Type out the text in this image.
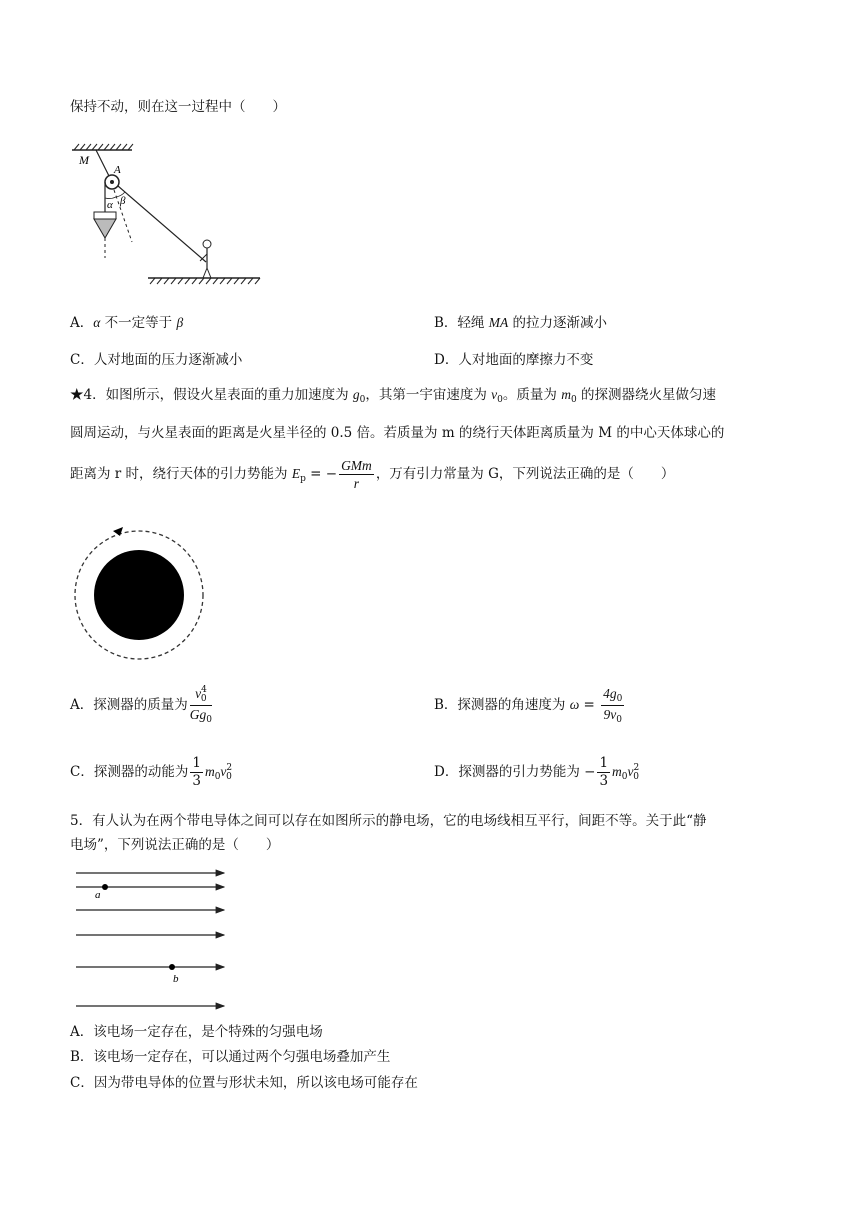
保持不动，则在这一过程中（　　）
M
A
α β
A．α 不一定等于 β	B．轻绳 MA 的拉力逐渐减小
C．人对地面的压力逐渐减小	D．人对地面的摩擦力不变
★4．如图所示，假设火星表面的重力加速度为 $g_0$，其第一宇宙速度为 $v_0$。质量为 $m_0$ 的探测器绕火星做匀速
圆周运动，与火星表面的距离是火星半径的 0.5 倍。若质量为 m 的绕行天体距离质量为 M 的中心天体球心的
距离为 r 时，绕行天体的引力势能为 $E_p$ = − $\frac{\text{GMm}}{r}$ ，万有引力常量为 G，下列说法正确的是（　　）
A．探测器的质量为 $\frac{v^4_0}{Gg_0}$	B．探测器的角速度为 $\omega = \frac{4g_0}{9v_0}$
C．探测器的动能为 $\frac{1}{3} m_0v^2_0$	D．探测器的引力势能为 − $\frac{1}{3} m_0v^2_0$
5．有人认为在两个带电导体之间可以存在如图所示的静电场，它的电场线相互平行，间距不等。关于此“静
电场”，下列说法正确的是（　　）
a
b
A．该电场一定存在，是个特殊的匀强电场
B．该电场一定存在，可以通过两个匀强电场叠加产生
C．因为带电导体的位置与形状未知，所以该电场可能存在
